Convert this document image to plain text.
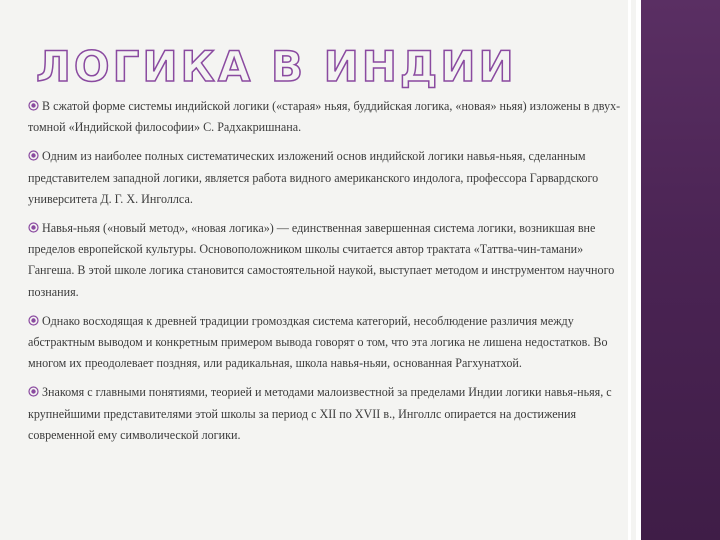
ЛОГИКА В ИНДИИ

В сжатой форме системы индийской логики («старая» ньяя, буддийская логика, «новая» ньяя) изложены в двух-томной «Индийской философии» С. Радхакришнана.

Одним из наиболее полных систематических изложений основ индийской логики навья-ньяя, сделанным представителем западной логики, является работа видного американского индолога, профессора Гарвардского университета Д. Г. Х. Инголлса.

Навья-ньяя («новый метод», «новая логика») — единственная завершенная система логики, возникшая вне пределов европейской культуры. Основоположником школы считается автор трактата «Таттва-чин-тамани» Гангеша. В этой школе логика становится самостоятельной наукой, выступает методом и инструментом научного познания.

Однако восходящая к древней традиции громоздкая система категорий, несоблюдение различия между абстрактным выводом и конкретным примером вывода говорят о том, что эта логика не лишена недостатков. Во многом их преодолевает поздняя, или радикальная, школа навья-ньяи, основанная Рагхунатхой.

Знакомя с главными понятиями, теорией и методами малоизвестной за пределами Индии логики навья-ньяя, с крупнейшими представителями этой школы за период с XII по XVII в., Инголлс опирается на достижения современной ему символической логики.
